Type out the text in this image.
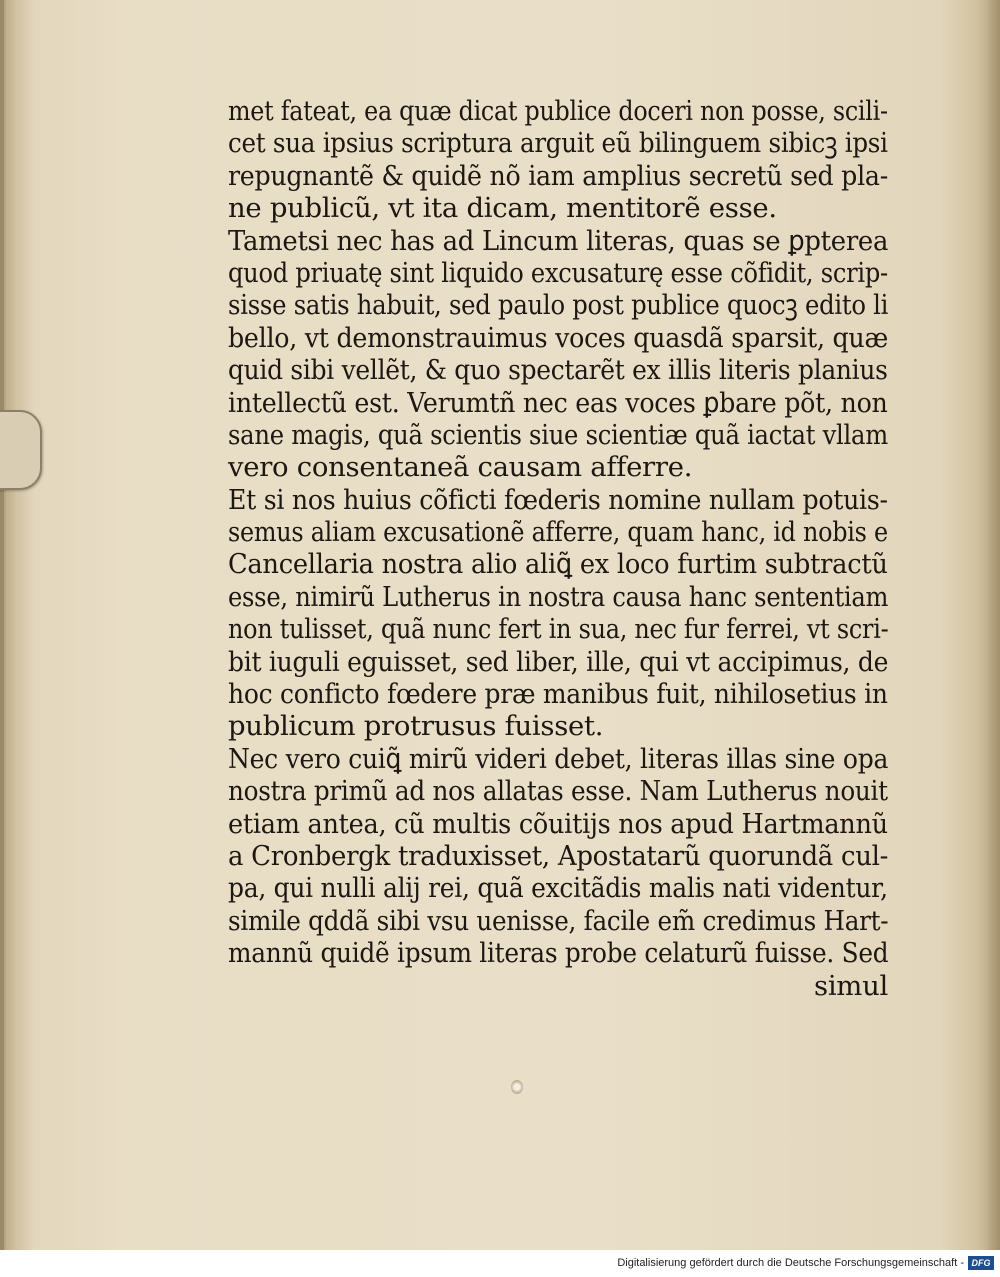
met fateat, ea quæ dicat publice doceri non posse, scili-
cet sua ipsius scriptura arguit eũ bilinguem sibicꝫ ipsi
repugnantẽ & quidẽ nõ iam amplius secretũ sed pla-
ne publicũ, vt ita dicam, mentitorẽ esse.
Tametsi nec has ad Lincum literas, quas se ꝑpterea
quod priuatę sint liquido excusaturę esse cõfidit, scrip-
sisse satis habuit, sed paulo post publice quocꝫ edito li
bello, vt demonstrauimus voces quasdã sparsit, quæ
quid sibi vellẽt, & quo spectarẽt ex illis literis planius
intellectũ est. Verumtñ nec eas voces ꝑbare põt, non
sane magis, quã scientis siue scientiæ quã iactat vllam
vero consentaneã causam afferre.
Et si nos huius cõficti fœderis nomine nullam potuis-
semus aliam excusationẽ afferre, quam hanc, id nobis e
Cancellaria nostra alio aliꝗ̃ ex loco furtim subtractũ
esse, nimirũ Lutherus in nostra causa hanc sententiam
non tulisset, quã nunc fert in sua, nec fur ferrei, vt scri-
bit iuguli eguisset, sed liber, ille, qui vt accipimus, de
hoc conficto fœdere præ manibus fuit, nihilosetius in
publicum protrusus fuisset.
Nec vero cuiꝗ̃ mirũ videri debet, literas illas sine opa
nostra primũ ad nos allatas esse. Nam Lutherus nouit
etiam antea, cũ multis cõuitijs nos apud Hartmannũ
a Cronbergk traduxisset, Apostatarũ quorundã cul-
pa, qui nulli alij rei, quã excitãdis malis nati videntur,
simile qddã sibi vsu uenisse, facile em̃ credimus Hart-
mannũ quidẽ ipsum literas probe celaturũ fuisse. Sed
simul
Digitalisierung gefördert durch die Deutsche Forschungsgemeinschaft - DFG
